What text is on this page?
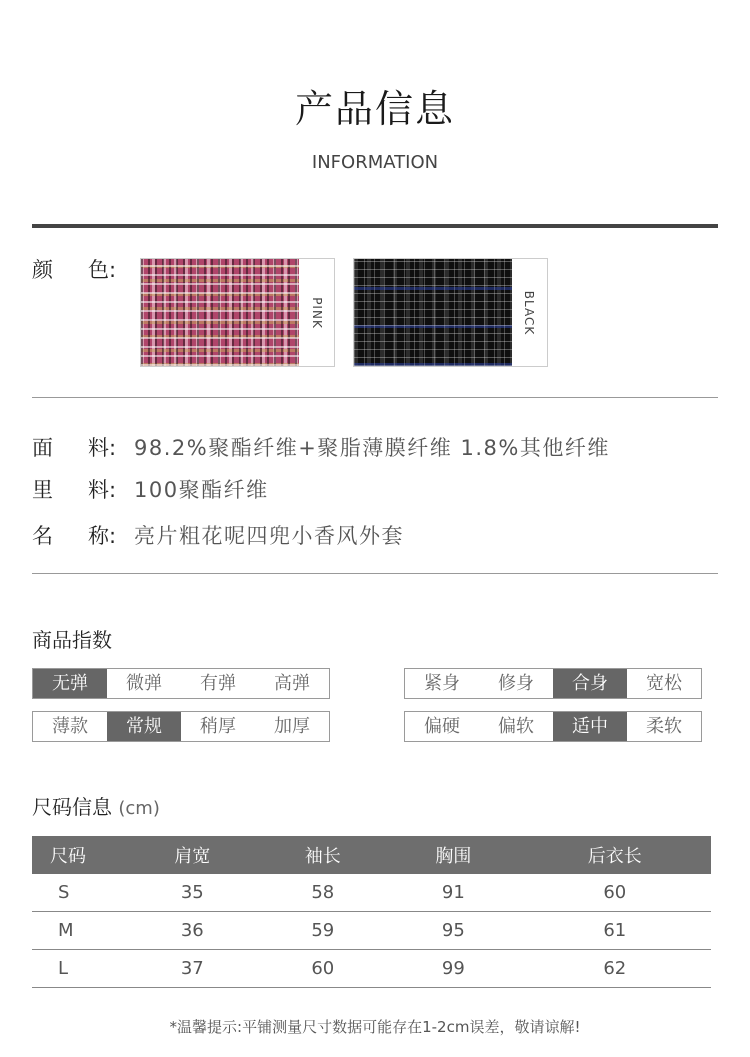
产品信息
INFORMATION
颜 色:
PINK	BLACK
面 料: 98.2%聚酯纤维+聚脂薄膜纤维 1.8%其他纤维
里 料: 100聚酯纤维
名 称: 亮片粗花呢四兜小香风外套
商品指数
无弹	微弹	有弹	高弹	紧身	修身	合身	宽松
薄款	常规	稍厚	加厚	偏硬	偏软	适中	柔软
尺码信息 (cm)
尺码	肩宽	袖长	胸围	后衣长
S	35	58	91	60
M	36	59	95	61
L	37	60	99	62
*温馨提示:平铺测量尺寸数据可能存在1-2cm误差，敬请谅解!
